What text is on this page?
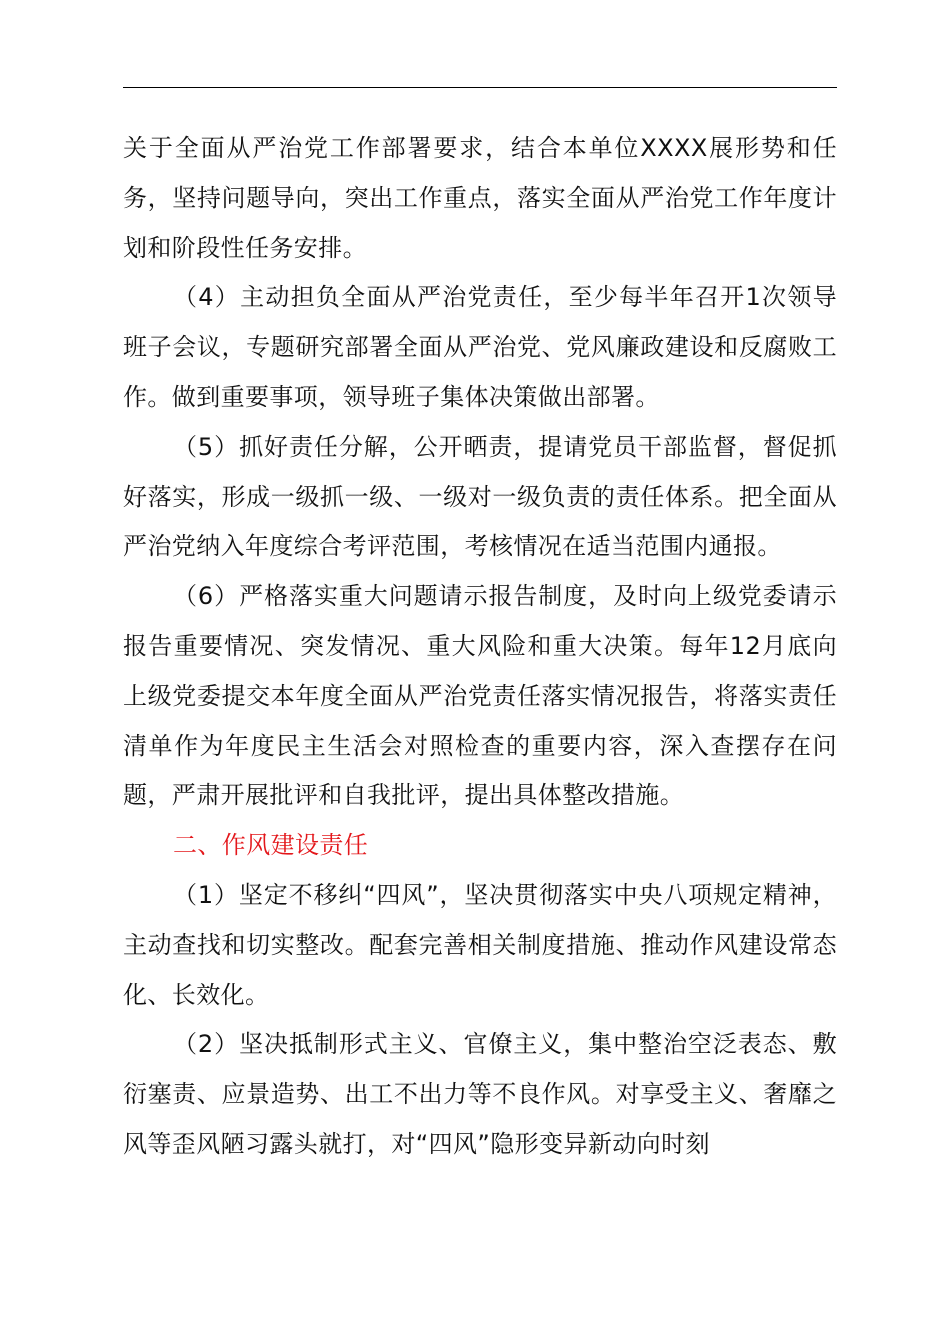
关于全面从严治党工作部署要求，结合本单位XXXX展形势和任务，坚持问题导向，突出工作重点，落实全面从严治党工作年度计划和阶段性任务安排。

（4）主动担负全面从严治党责任，至少每半年召开1次领导班子会议，专题研究部署全面从严治党、党风廉政建设和反腐败工作。做到重要事项，领导班子集体决策做出部署。

（5）抓好责任分解，公开晒责，提请党员干部监督，督促抓好落实，形成一级抓一级、一级对一级负责的责任体系。把全面从严治党纳入年度综合考评范围，考核情况在适当范围内通报。

（6）严格落实重大问题请示报告制度，及时向上级党委请示报告重要情况、突发情况、重大风险和重大决策。每年12月底向上级党委提交本年度全面从严治党责任落实情况报告，将落实责任清单作为年度民主生活会对照检查的重要内容，深入查摆存在问题，严肃开展批评和自我批评，提出具体整改措施。

二、作风建设责任

（1）坚定不移纠“四风”，坚决贯彻落实中央八项规定精神，主动查找和切实整改。配套完善相关制度措施、推动作风建设常态化、长效化。

（2）坚决抵制形式主义、官僚主义，集中整治空泛表态、敷衍塞责、应景造势、出工不出力等不良作风。对享受主义、奢靡之风等歪风陋习露头就打，对“四风”隐形变异新动向时刻
